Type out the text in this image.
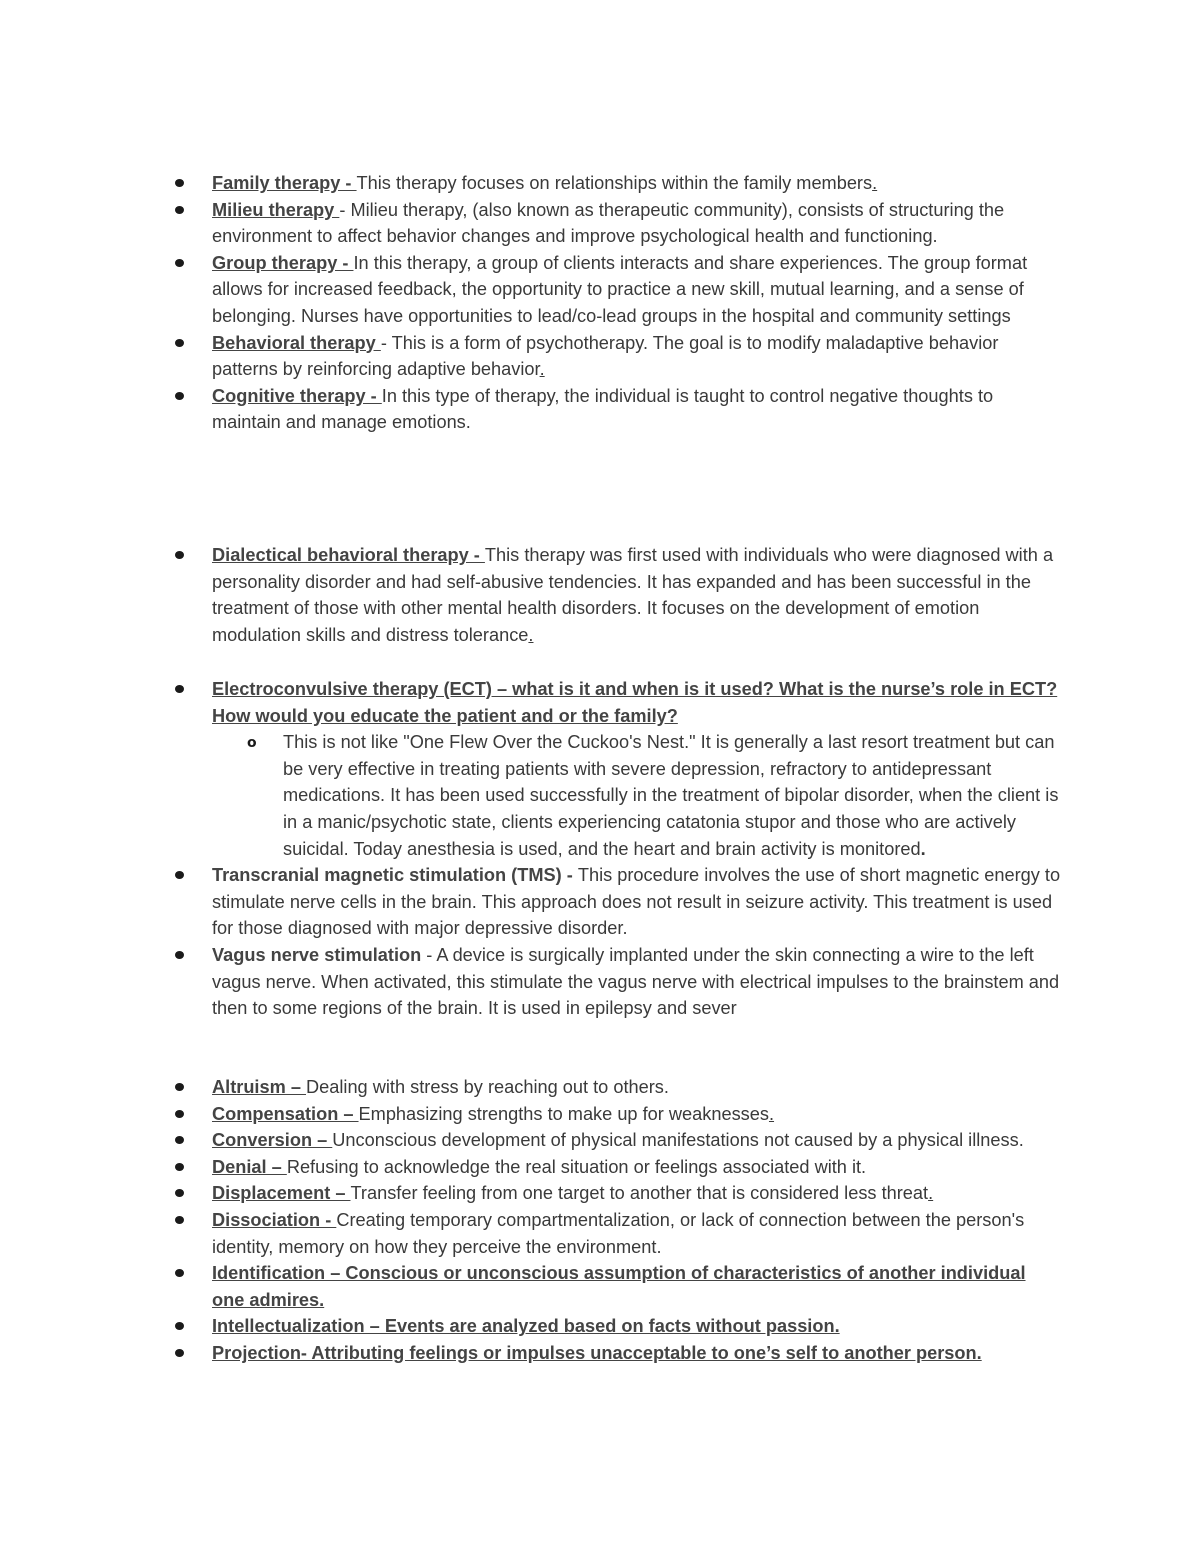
Family therapy - This therapy focuses on relationships within the family members.
Milieu therapy - Milieu therapy, (also known as therapeutic community), consists of structuring the environment to affect behavior changes and improve psychological health and functioning.
Group therapy - In this therapy, a group of clients interacts and share experiences. The group format allows for increased feedback, the opportunity to practice a new skill, mutual learning, and a sense of belonging. Nurses have opportunities to lead/co-lead groups in the hospital and community settings
Behavioral therapy - This is a form of psychotherapy. The goal is to modify maladaptive behavior patterns by reinforcing adaptive behavior.
Cognitive therapy - In this type of therapy, the individual is taught to control negative thoughts to maintain and manage emotions.
Dialectical behavioral therapy - This therapy was first used with individuals who were diagnosed with a personality disorder and had self-abusive tendencies. It has expanded and has been successful in the treatment of those with other mental health disorders. It focuses on the development of emotion modulation skills and distress tolerance.
Electroconvulsive therapy (ECT) – what is it and when is it used? What is the nurse’s role in ECT? How would you educate the patient and or the family?
o This is not like "One Flew Over the Cuckoo's Nest." It is generally a last resort treatment but can be very effective in treating patients with severe depression, refractory to antidepressant medications. It has been used successfully in the treatment of bipolar disorder, when the client is in a manic/psychotic state, clients experiencing catatonia stupor and those who are actively suicidal. Today anesthesia is used, and the heart and brain activity is monitored.
Transcranial magnetic stimulation (TMS) - This procedure involves the use of short magnetic energy to stimulate nerve cells in the brain. This approach does not result in seizure activity. This treatment is used for those diagnosed with major depressive disorder.
Vagus nerve stimulation - A device is surgically implanted under the skin connecting a wire to the left vagus nerve. When activated, this stimulate the vagus nerve with electrical impulses to the brainstem and then to some regions of the brain. It is used in epilepsy and sever
Altruism – Dealing with stress by reaching out to others.
Compensation – Emphasizing strengths to make up for weaknesses.
Conversion – Unconscious development of physical manifestations not caused by a physical illness.
Denial – Refusing to acknowledge the real situation or feelings associated with it.
Displacement – Transfer feeling from one target to another that is considered less threat.
Dissociation - Creating temporary compartmentalization, or lack of connection between the person's identity, memory on how they perceive the environment.
Identification – Conscious or unconscious assumption of characteristics of another individual one admires.
Intellectualization – Events are analyzed based on facts without passion.
Projection- Attributing feelings or impulses unacceptable to one’s self to another person.
